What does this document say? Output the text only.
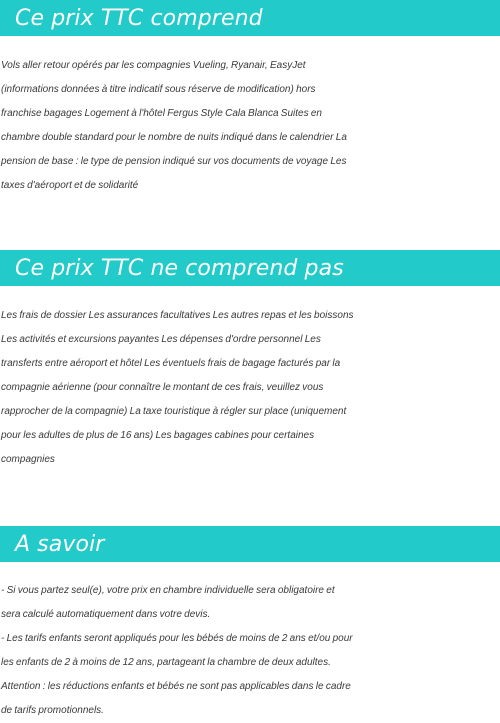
Ce prix TTC comprend
Vols aller retour opérés par les compagnies Vueling, Ryanair, EasyJet
(informations données à titre indicatif sous réserve de modification) hors
franchise bagages Logement à l'hôtel Fergus Style Cala Blanca Suites en
chambre double standard pour le nombre de nuits indiqué dans le calendrier La
pension de base : le type de pension indiqué sur vos documents de voyage Les
taxes d'aéroport et de solidarité
Ce prix TTC ne comprend pas
Les frais de dossier Les assurances facultatives Les autres repas et les boissons
Les activités et excursions payantes Les dépenses d'ordre personnel Les
transferts entre aéroport et hôtel Les éventuels frais de bagage facturés par la
compagnie aérienne (pour connaître le montant de ces frais, veuillez vous
rapprocher de la compagnie) La taxe touristique à régler sur place (uniquement
pour les adultes de plus de 16 ans) Les bagages cabines pour certaines
compagnies
A savoir
- Si vous partez seul(e), votre prix en chambre individuelle sera obligatoire et
sera calculé automatiquement dans votre devis.
- Les tarifs enfants seront appliqués pour les bébés de moins de 2 ans et/ou pour
les enfants de 2 à moins de 12 ans, partageant la chambre de deux adultes.
Attention : les réductions enfants et bébés ne sont pas applicables dans le cadre
de tarifs promotionnels.
